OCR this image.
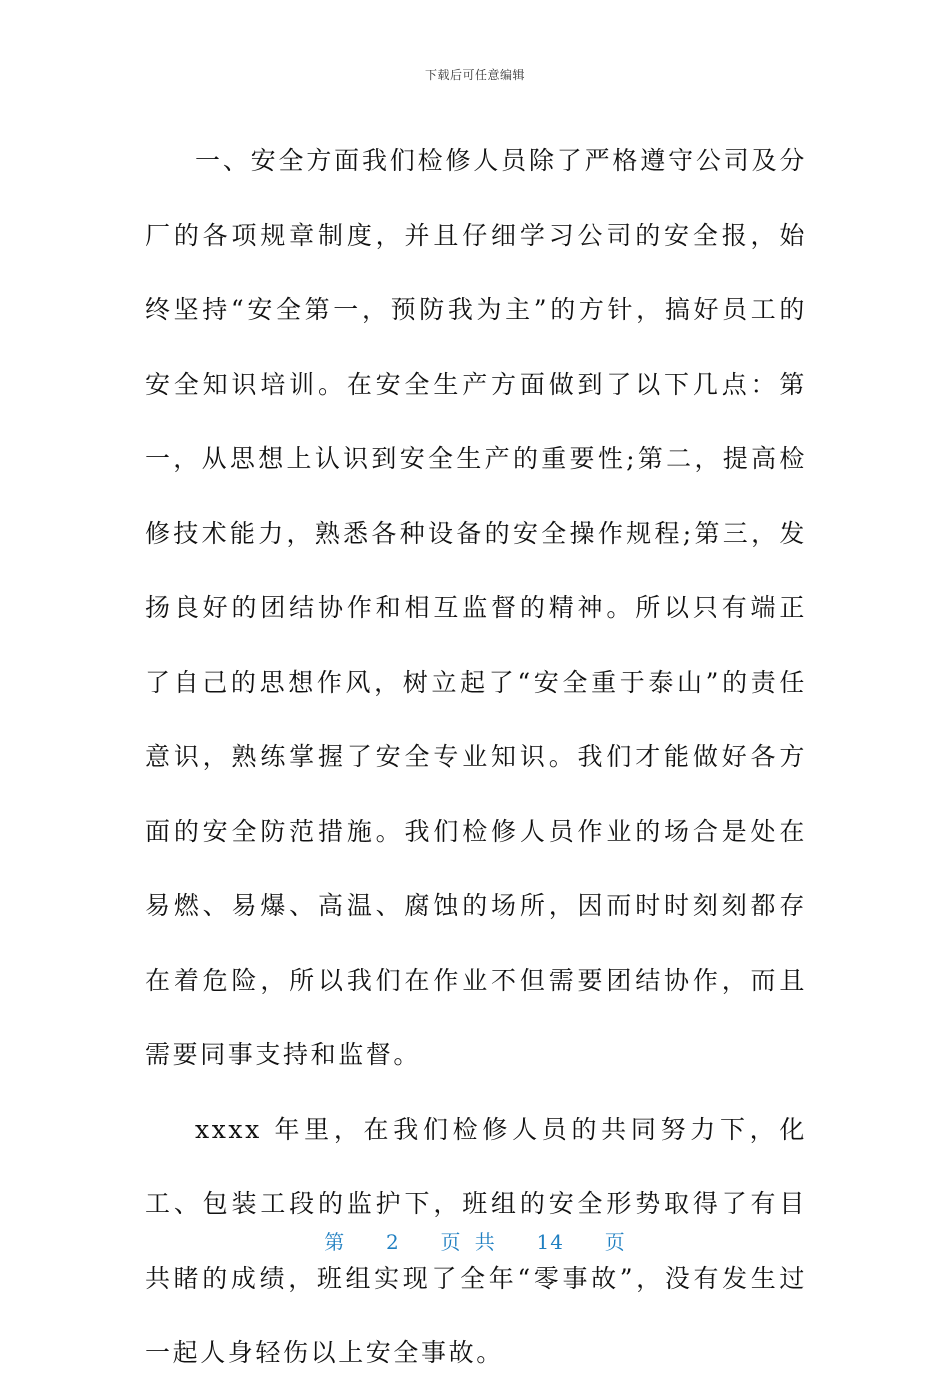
下载后可任意编辑

一、安全方面我们检修人员除了严格遵守公司及分厂的各项规章制度，并且仔细学习公司的安全报，始终坚持“安全第一，预防我为主”的方针，搞好员工的安全知识培训。在安全生产方面做到了以下几点：第一，从思想上认识到安全生产的重要性;第二，提高检修技术能力，熟悉各种设备的安全操作规程;第三，发扬良好的团结协作和相互监督的精神。所以只有端正了自己的思想作风，树立起了“安全重于泰山”的责任意识，熟练掌握了安全专业知识。我们才能做好各方面的安全防范措施。我们检修人员作业的场合是处在易燃、易爆、高温、腐蚀的场所，因而时时刻刻都存在着危险，所以我们在作业不但需要团结协作，而且需要同事支持和监督。

xxxx 年里，在我们检修人员的共同努力下，化工、包装工段的监护下，班组的安全形势取得了有目共睹的成绩，班组实现了全年“零事故”，没有发生过一起人身轻伤以上安全事故。

第 2 页 共 14 页
